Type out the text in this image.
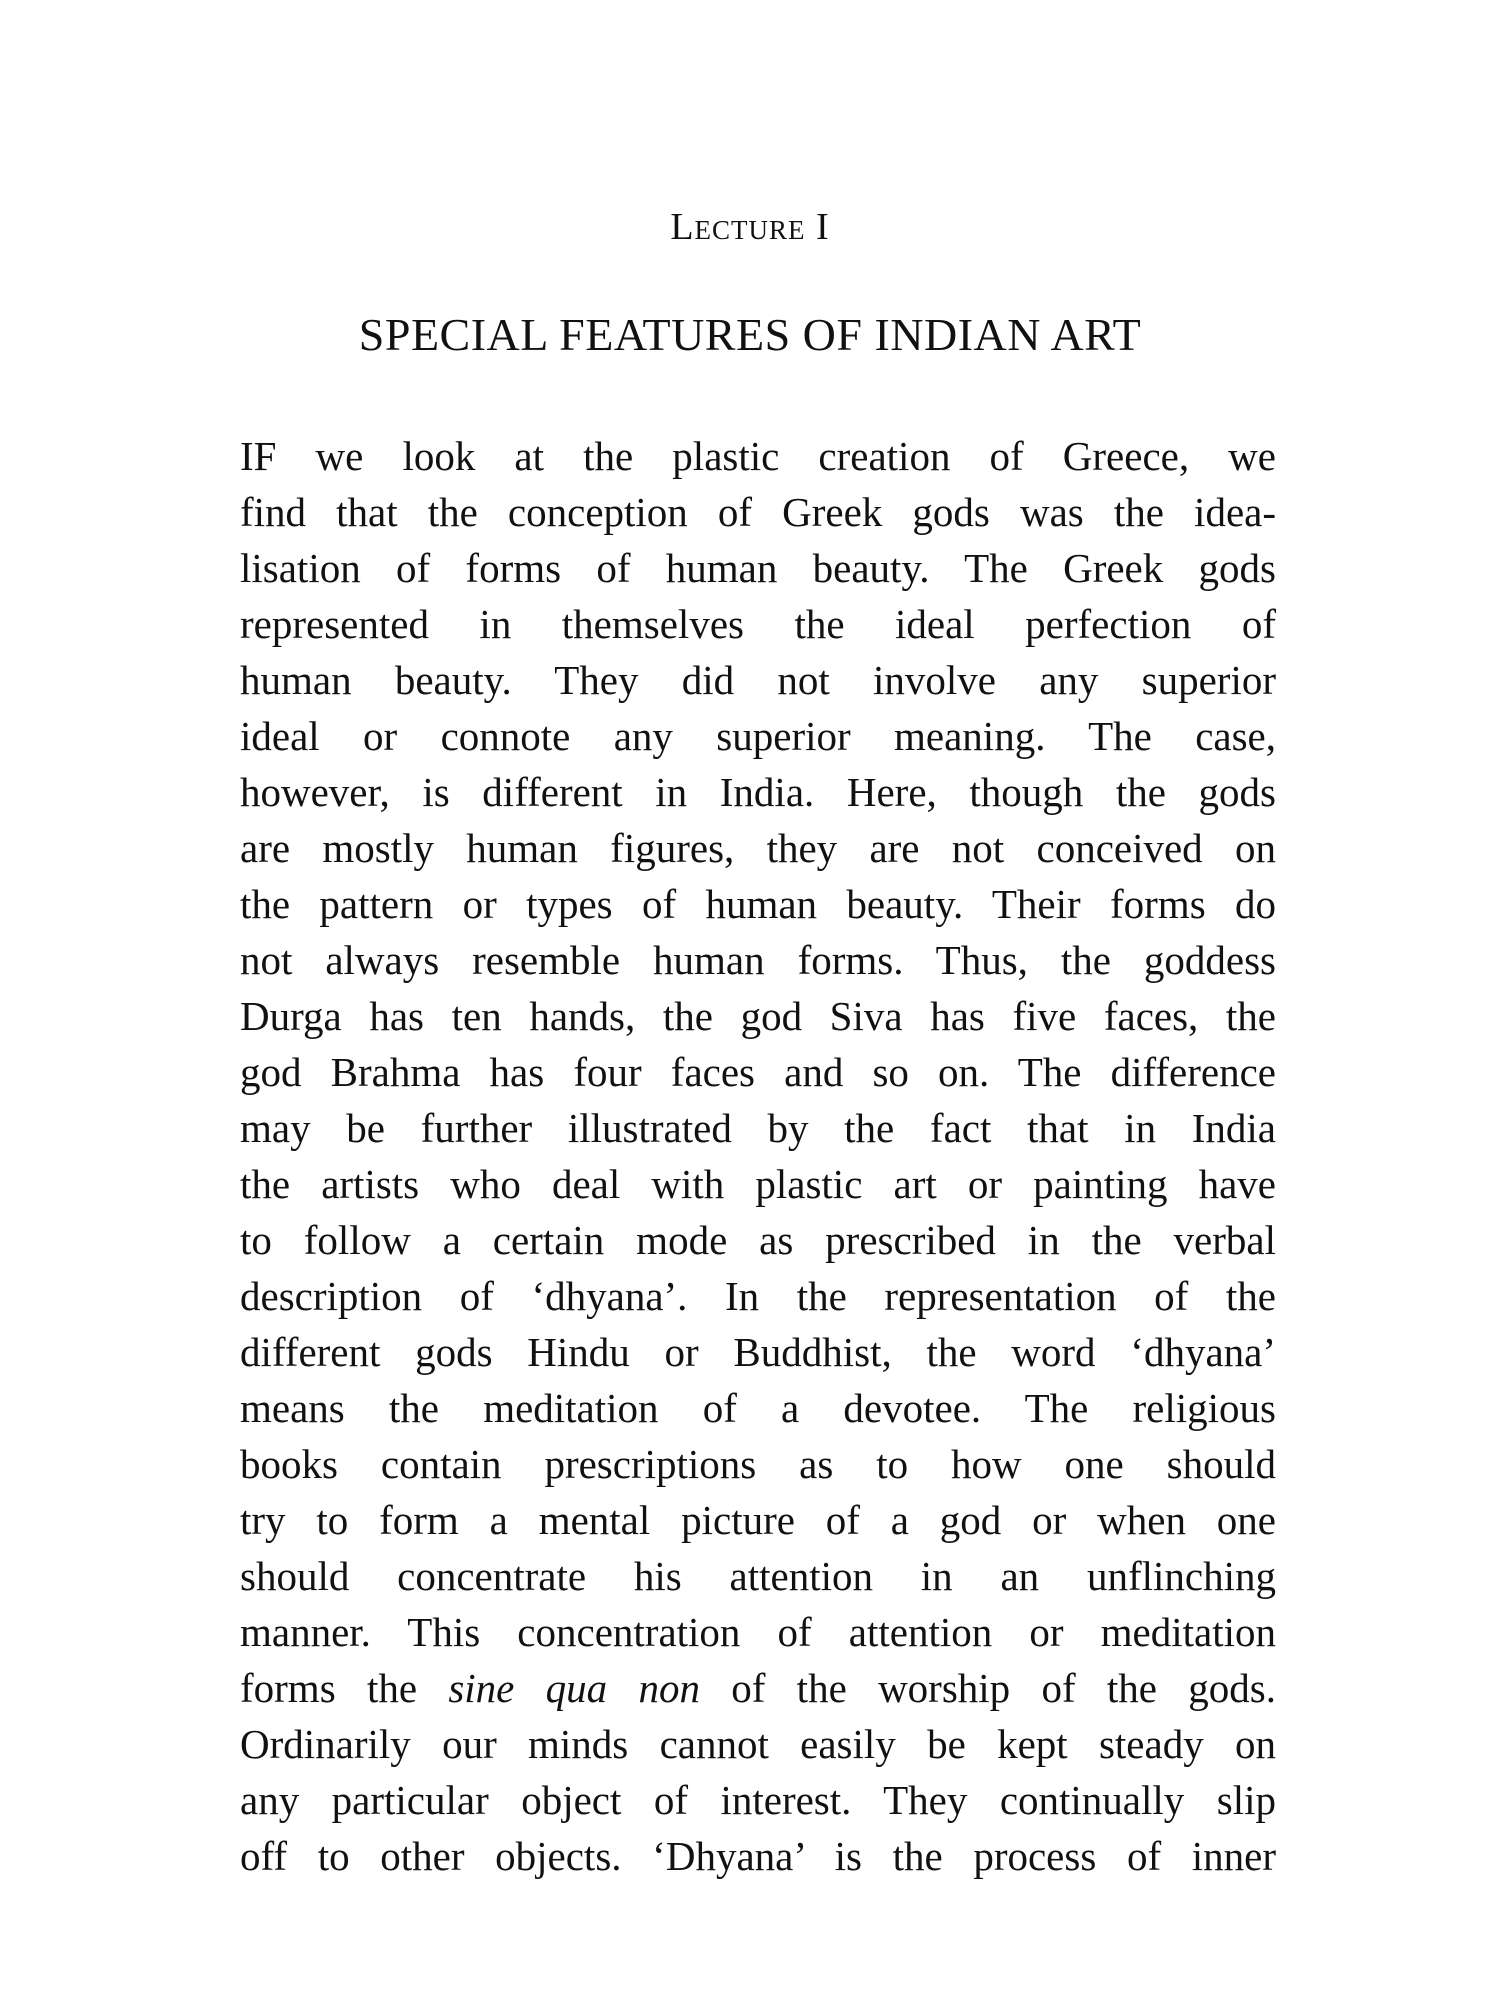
Lecture I
SPECIAL FEATURES OF INDIAN ART
IF we look at the plastic creation of Greece, we
find that the conception of Greek gods was the idea-
lisation of forms of human beauty. The Greek gods
represented in themselves the ideal perfection of
human beauty. They did not involve any superior
ideal or connote any superior meaning. The case,
however, is different in India. Here, though the gods
are mostly human figures, they are not conceived on
the pattern or types of human beauty. Their forms do
not always resemble human forms. Thus, the goddess
Durga has ten hands, the god Siva has five faces, the
god Brahma has four faces and so on. The difference
may be further illustrated by the fact that in India
the artists who deal with plastic art or painting have
to follow a certain mode as prescribed in the verbal
description of ‘dhyana’. In the representation of the
different gods Hindu or Buddhist, the word ‘dhyana’
means the meditation of a devotee. The religious
books contain prescriptions as to how one should
try to form a mental picture of a god or when one
should concentrate his attention in an unflinching
manner. This concentration of attention or meditation
forms the sine qua non of the worship of the gods.
Ordinarily our minds cannot easily be kept steady on
any particular object of interest. They continually slip
off to other objects. ‘Dhyana’ is the process of inner
